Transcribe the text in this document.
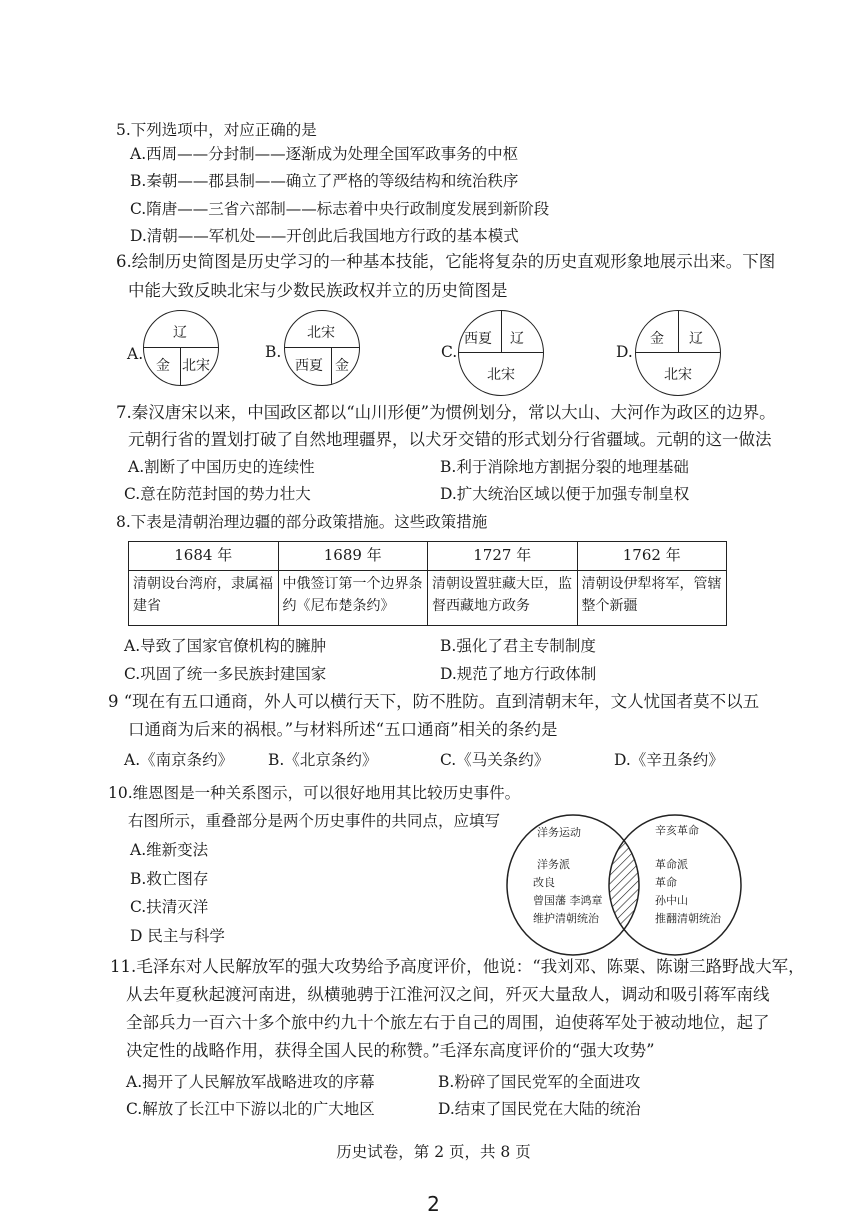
5.下列选项中，对应正确的是
A.西周——分封制——逐渐成为处理全国军政事务的中枢
B.秦朝——郡县制——确立了严格的等级结构和统治秩序
C.隋唐——三省六部制——标志着中央行政制度发展到新阶段
D.清朝——军机处——开创此后我国地方行政的基本模式
6.绘制历史简图是历史学习的一种基本技能，它能将复杂的历史直观形象地展示出来。下图
中能大致反映北宋与少数民族政权并立的历史简图是
A.
辽
金 北宋
B.
北宋
西夏 金
C.
西夏 辽
北宋
D.
金 辽
北宋
7.秦汉唐宋以来，中国政区都以“山川形便”为惯例划分，常以大山、大河作为政区的边界。
元朝行省的置划打破了自然地理疆界，以犬牙交错的形式划分行省疆域。元朝的这一做法
A.割断了中国历史的连续性	B.利于消除地方割据分裂的地理基础
C.意在防范封国的势力壮大	D.扩大统治区域以便于加强专制皇权
8.下表是清朝治理边疆的部分政策措施。这些政策措施
1684 年	1689 年	1727 年	1762 年
清朝设台湾府，隶属福建省	中俄签订第一个边界条约《尼布楚条约》	清朝设置驻藏大臣，监督西藏地方政务	清朝设伊犁将军，管辖整个新疆
A.导致了国家官僚机构的臃肿	B.强化了君主专制制度
C.巩固了统一多民族封建国家	D.规范了地方行政体制
9 “现在有五口通商，外人可以横行天下，防不胜防。直到清朝末年，文人忧国者莫不以五
口通商为后来的祸根。”与材料所述“五口通商”相关的条约是
A.《南京条约》 B.《北京条约》	C.《马关条约》	D.《辛丑条约》
10.维恩图是一种关系图示，可以很好地用其比较历史事件。
右图所示，重叠部分是两个历史事件的共同点，应填写
A.维新变法
B.救亡图存
C.扶清灭洋
D 民主与科学
洋务运动	辛亥革命
洋务派
改良
曾国藩 李鸿章
维护清朝统治
革命派
革命
孙中山
推翻清朝统治
11.毛泽东对人民解放军的强大攻势给予高度评价，他说：“我刘邓、陈粟、陈谢三路野战大军，
从去年夏秋起渡河南进，纵横驰骋于江淮河汉之间，歼灭大量敌人，调动和吸引蒋军南线
全部兵力一百六十多个旅中约九十个旅左右于自己的周围，迫使蒋军处于被动地位，起了
决定性的战略作用，获得全国人民的称赞。”毛泽东高度评价的“强大攻势”
A.揭开了人民解放军战略进攻的序幕	B.粉碎了国民党军的全面进攻
C.解放了长江中下游以北的广大地区	D.结束了国民党在大陆的统治
历史试卷，第 2 页，共 8 页
2
